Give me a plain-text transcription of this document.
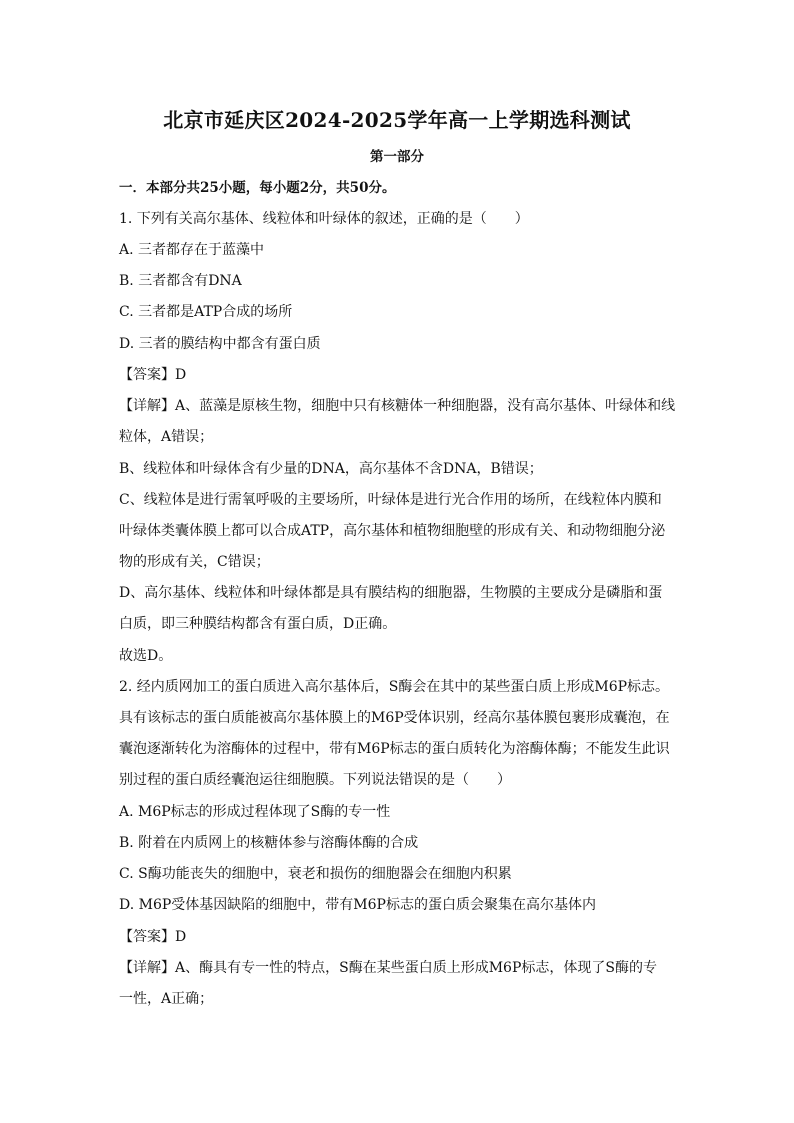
北京市延庆区2024-2025学年高一上学期选科测试
第一部分
一．本部分共25小题，每小题2分，共50分。
1. 下列有关高尔基体、线粒体和叶绿体的叙述，正确的是（　　）
A. 三者都存在于蓝藻中
B. 三者都含有DNA
C. 三者都是ATP合成的场所
D. 三者的膜结构中都含有蛋白质
【答案】D
【详解】A、蓝藻是原核生物，细胞中只有核糖体一种细胞器，没有高尔基体、叶绿体和线
粒体，A错误；
B、线粒体和叶绿体含有少量的DNA，高尔基体不含DNA，B错误；
C、线粒体是进行需氧呼吸的主要场所，叶绿体是进行光合作用的场所，在线粒体内膜和
叶绿体类囊体膜上都可以合成ATP，高尔基体和植物细胞壁的形成有关、和动物细胞分泌
物的形成有关，C错误；
D、高尔基体、线粒体和叶绿体都是具有膜结构的细胞器，生物膜的主要成分是磷脂和蛋
白质，即三种膜结构都含有蛋白质，D正确。
故选D。
2. 经内质网加工的蛋白质进入高尔基体后，S酶会在其中的某些蛋白质上形成M6P标志。
具有该标志的蛋白质能被高尔基体膜上的M6P受体识别，经高尔基体膜包裹形成囊泡，在
囊泡逐渐转化为溶酶体的过程中，带有M6P标志的蛋白质转化为溶酶体酶；不能发生此识
别过程的蛋白质经囊泡运往细胞膜。下列说法错误的是（　　）
A. M6P标志的形成过程体现了S酶的专一性
B. 附着在内质网上的核糖体参与溶酶体酶的合成
C. S酶功能丧失的细胞中，衰老和损伤的细胞器会在细胞内积累
D. M6P受体基因缺陷的细胞中，带有M6P标志的蛋白质会聚集在高尔基体内
【答案】D
【详解】A、酶具有专一性的特点，S酶在某些蛋白质上形成M6P标志，体现了S酶的专
一性，A正确；
